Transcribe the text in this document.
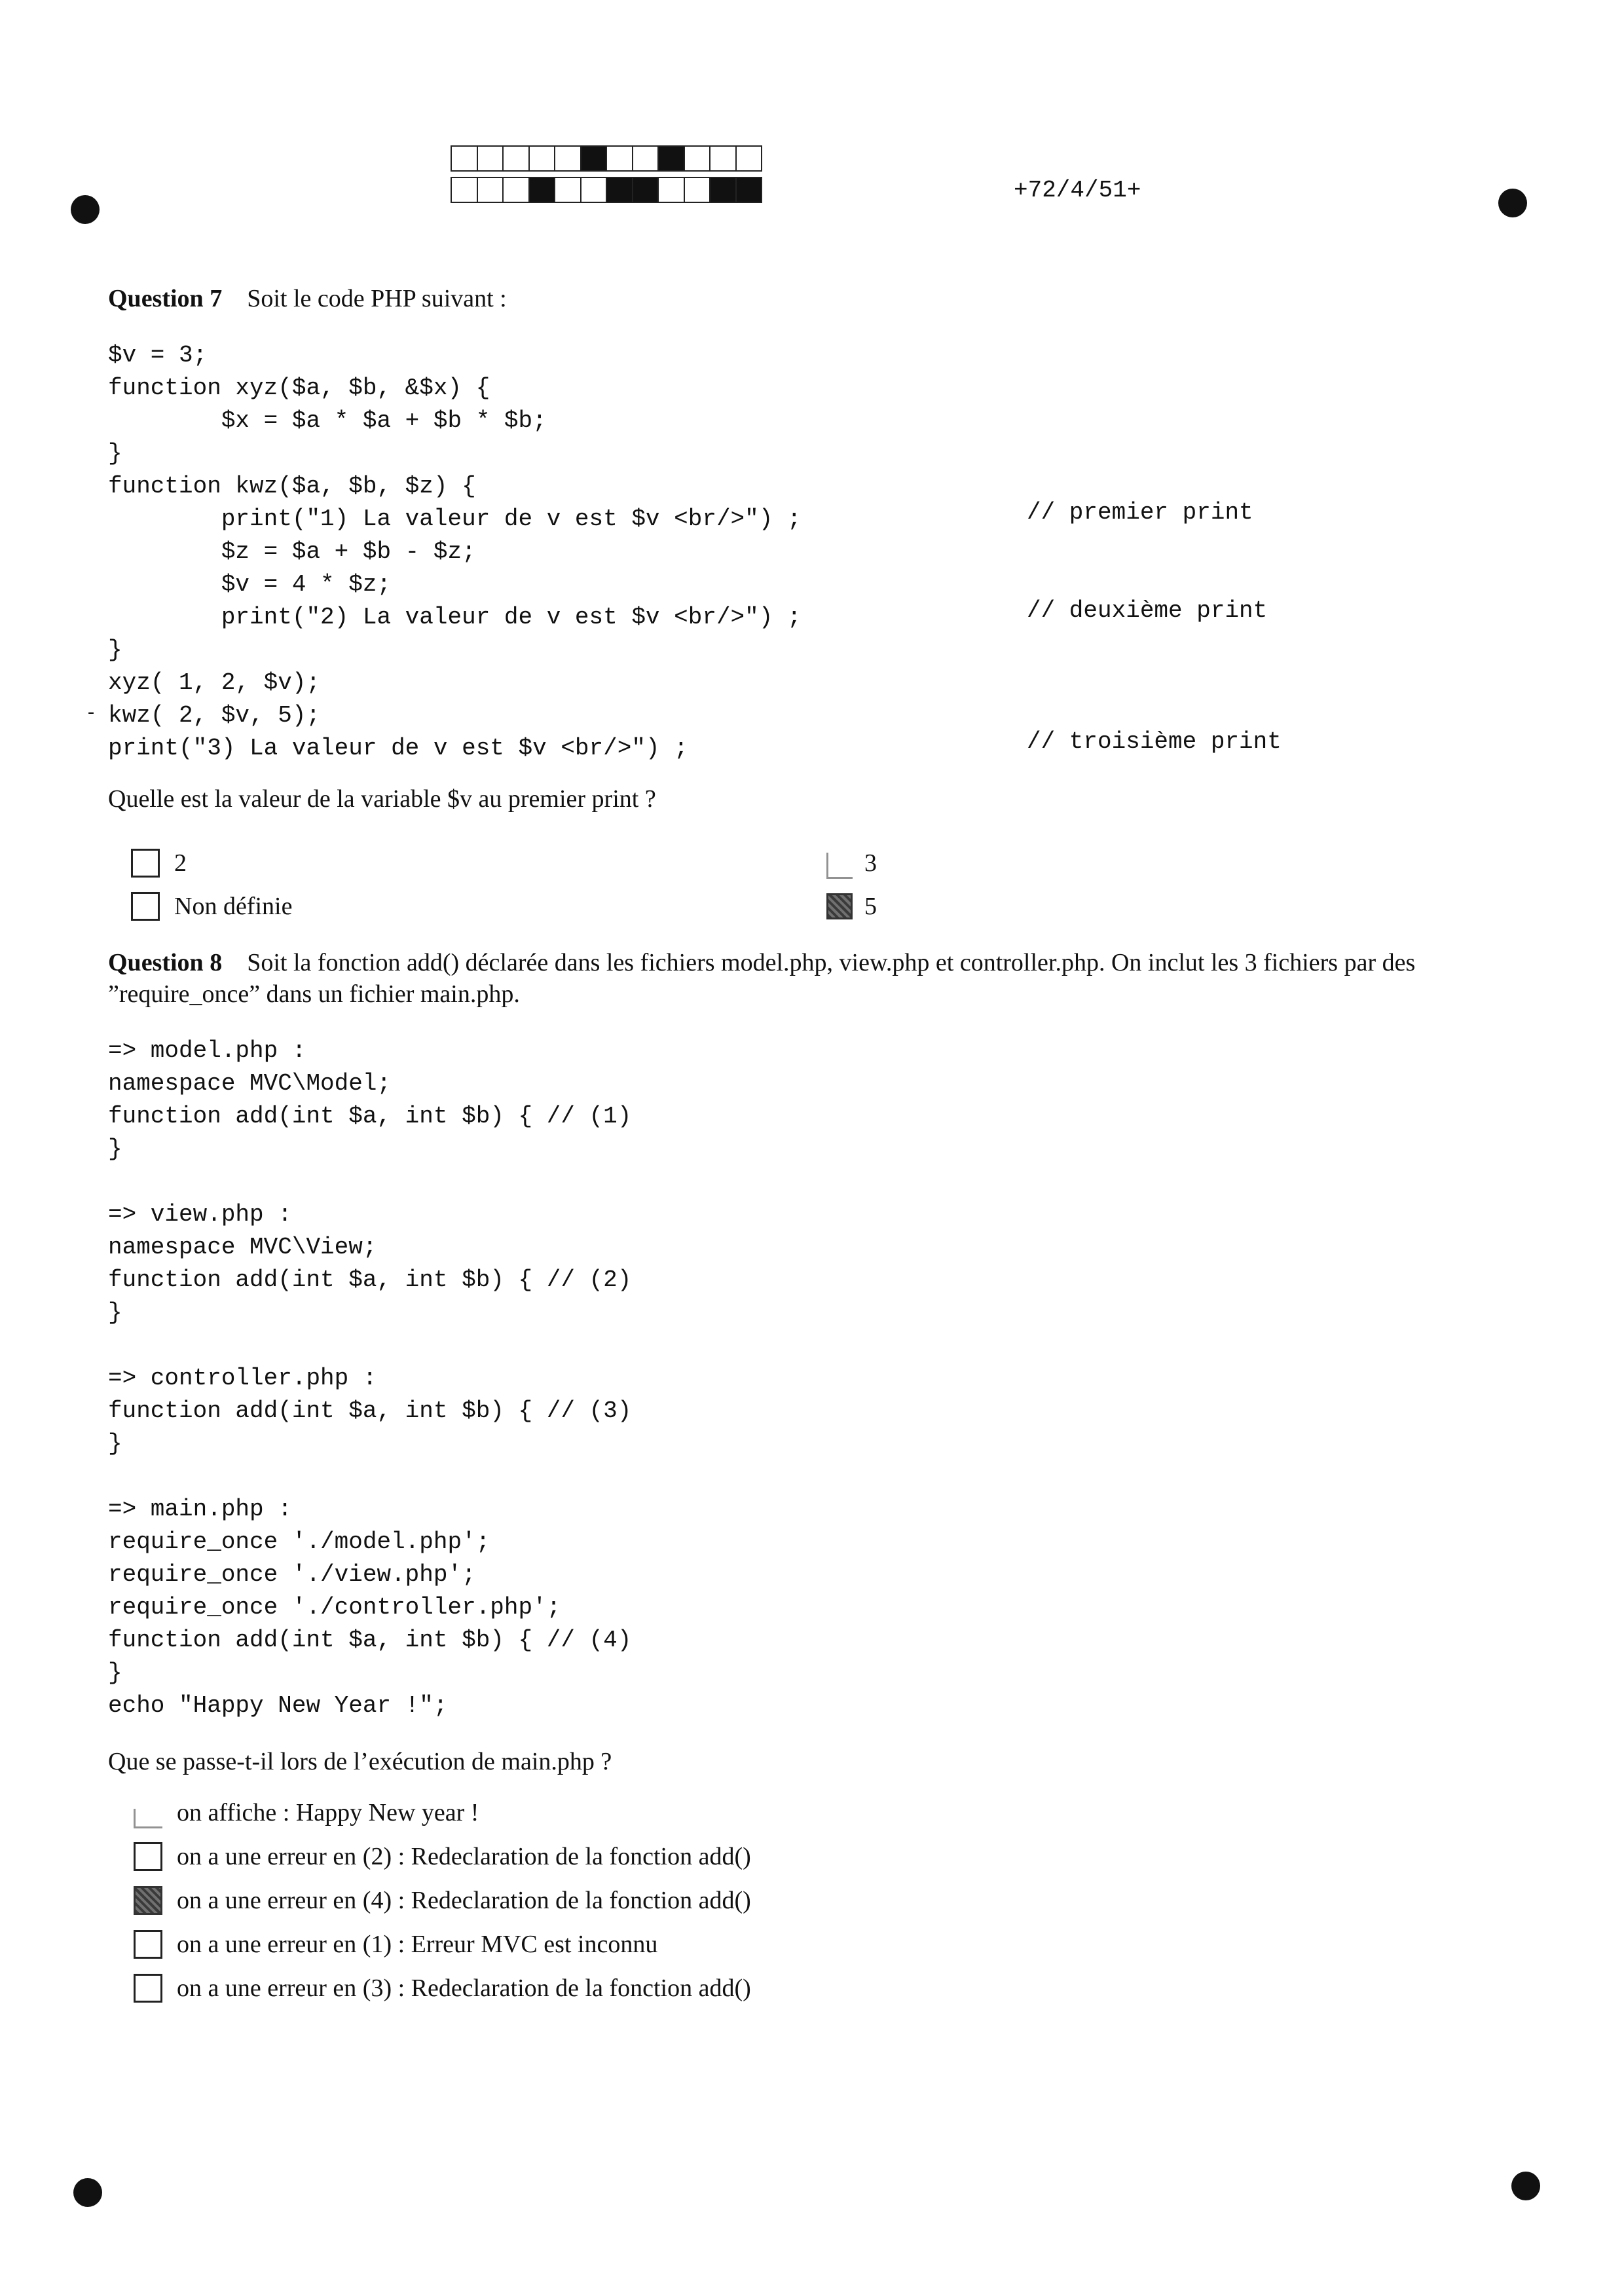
+72/4/51+
Question 7 Soit le code PHP suivant :
$v = 3;
function xyz($a, $b, &$x) {
$x = $a * $a + $b * $b;
}
function kwz($a, $b, $z) {
print("1) La valeur de v est $v <br/>") ;
$z = $a + $b - $z;
$v = 4 * $z;
print("2) La valeur de v est $v <br/>") ;
}
xyz( 1, 2, $v);
kwz( 2, $v, 5);
print("3) La valeur de v est $v <br/>") ;

‐
// premier print
// deuxième print
// troisième print
Quelle est la valeur de la variable $v au premier print ?
2
Non définie
3
5
Question 8 Soit la fonction add() déclarée dans les fichiers model.php, view.php et controller.php. On inclut les 3 fichiers par des ”require_once” dans un fichier main.php.
=> model.php :
namespace MVC\Model;
function add(int $a, int $b) { // (1)
}

=> view.php :
namespace MVC\View;
function add(int $a, int $b) { // (2)
}

=> controller.php :
function add(int $a, int $b) { // (3)
}

=> main.php :
require_once './model.php';
require_once './view.php';
require_once './controller.php';
function add(int $a, int $b) { // (4)
}
echo "Happy New Year !";

Que se passe-t-il lors de l’exécution de main.php ?
on affiche : Happy New year !
on a une erreur en (2) : Redeclaration de la fonction add()
on a une erreur en (4) : Redeclaration de la fonction add()
on a une erreur en (1) : Erreur MVC est inconnu
on a une erreur en (3) : Redeclaration de la fonction add()
